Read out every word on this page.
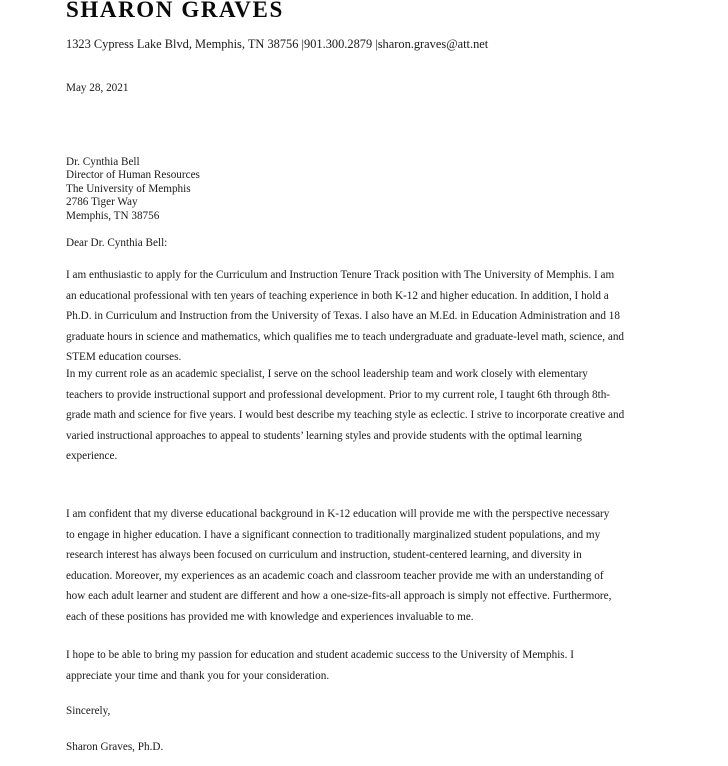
SHARON GRAVES
1323 Cypress Lake Blvd, Memphis, TN 38756 |901.300.2879 |sharon.graves@att.net
May 28, 2021
Dr. Cynthia Bell
Director of Human Resources
The University of Memphis
2786 Tiger Way
Memphis, TN 38756
Dear Dr. Cynthia Bell:

I am enthusiastic to apply for the Curriculum and Instruction Tenure Track position with The University of Memphis. I am
an educational professional with ten years of teaching experience in both K-12 and higher education. In addition, I hold a
Ph.D. in Curriculum and Instruction from the University of Texas. I also have an M.Ed. in Education Administration and 18
graduate hours in science and mathematics, which qualifies me to teach undergraduate and graduate-level math, science, and
STEM education courses.

In my current role as an academic specialist, I serve on the school leadership team and work closely with elementary
teachers to provide instructional support and professional development. Prior to my current role, I taught 6th through 8th-
grade math and science for five years. I would best describe my teaching style as eclectic. I strive to incorporate creative and
varied instructional approaches to appeal to students’ learning styles and provide students with the optimal learning
experience.

I am confident that my diverse educational background in K-12 education will provide me with the perspective necessary
to engage in higher education. I have a significant connection to traditionally marginalized student populations, and my
research interest has always been focused on curriculum and instruction, student-centered learning, and diversity in
education. Moreover, my experiences as an academic coach and classroom teacher provide me with an understanding of
how each adult learner and student are different and how a one-size-fits-all approach is simply not effective. Furthermore,
each of these positions has provided me with knowledge and experiences invaluable to me.

I hope to be able to bring my passion for education and student academic success to the University of Memphis. I
appreciate your time and thank you for your consideration.

Sincerely,
Sharon Graves, Ph.D.
